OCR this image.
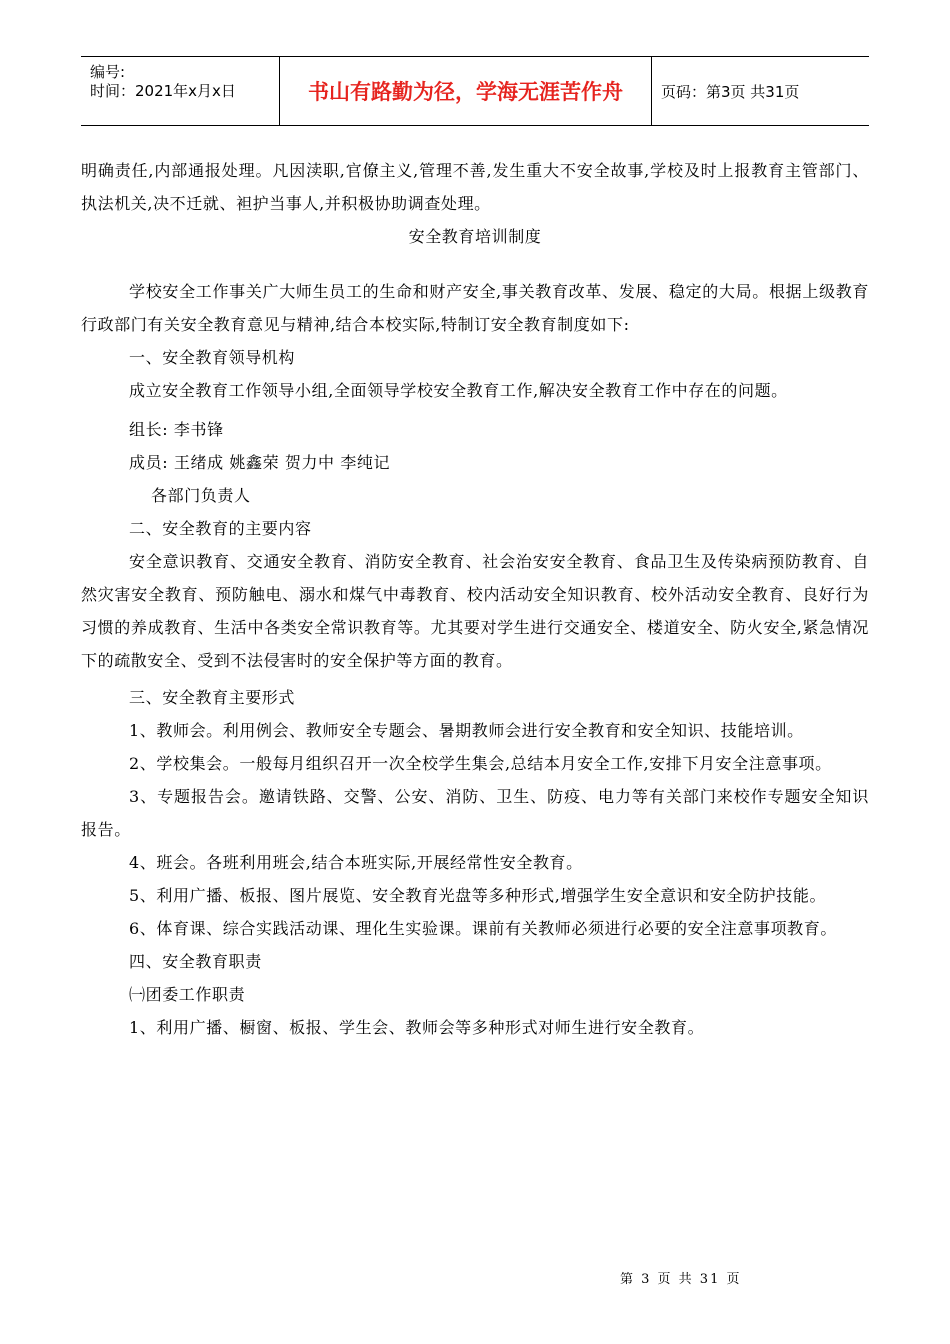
编号:
时间：2021年x月x日	书山有路勤为径，学海无涯苦作舟	页码：第3页 共31页

明确责任,内部通报处理。凡因渎职,官僚主义,管理不善,发生重大不安全故事,学校及时上报教育主管部门、执法机关,决不迁就、袒护当事人,并积极协助调查处理。

安全教育培训制度

学校安全工作事关广大师生员工的生命和财产安全,事关教育改革、发展、稳定的大局。根据上级教育行政部门有关安全教育意见与精神,结合本校实际,特制订安全教育制度如下:

一、安全教育领导机构

成立安全教育工作领导小组,全面领导学校安全教育工作,解决安全教育工作中存在的问题。

组长: 李书锋

成员: 王绪成 姚鑫荣 贺力中 李纯记

各部门负责人

二、安全教育的主要内容

安全意识教育、交通安全教育、消防安全教育、社会治安安全教育、食品卫生及传染病预防教育、自然灾害安全教育、预防触电、溺水和煤气中毒教育、校内活动安全知识教育、校外活动安全教育、良好行为习惯的养成教育、生活中各类安全常识教育等。尤其要对学生进行交通安全、楼道安全、防火安全,紧急情况下的疏散安全、受到不法侵害时的安全保护等方面的教育。

三、安全教育主要形式

1、教师会。利用例会、教师安全专题会、暑期教师会进行安全教育和安全知识、技能培训。

2、学校集会。一般每月组织召开一次全校学生集会,总结本月安全工作,安排下月安全注意事项。

3、专题报告会。邀请铁路、交警、公安、消防、卫生、防疫、电力等有关部门来校作专题安全知识报告。

4、班会。各班利用班会,结合本班实际,开展经常性安全教育。

5、利用广播、板报、图片展览、安全教育光盘等多种形式,增强学生安全意识和安全防护技能。

6、体育课、综合实践活动课、理化生实验课。课前有关教师必须进行必要的安全注意事项教育。

四、安全教育职责

㈠团委工作职责

1、利用广播、橱窗、板报、学生会、教师会等多种形式对师生进行安全教育。

第 3 页 共 31 页
